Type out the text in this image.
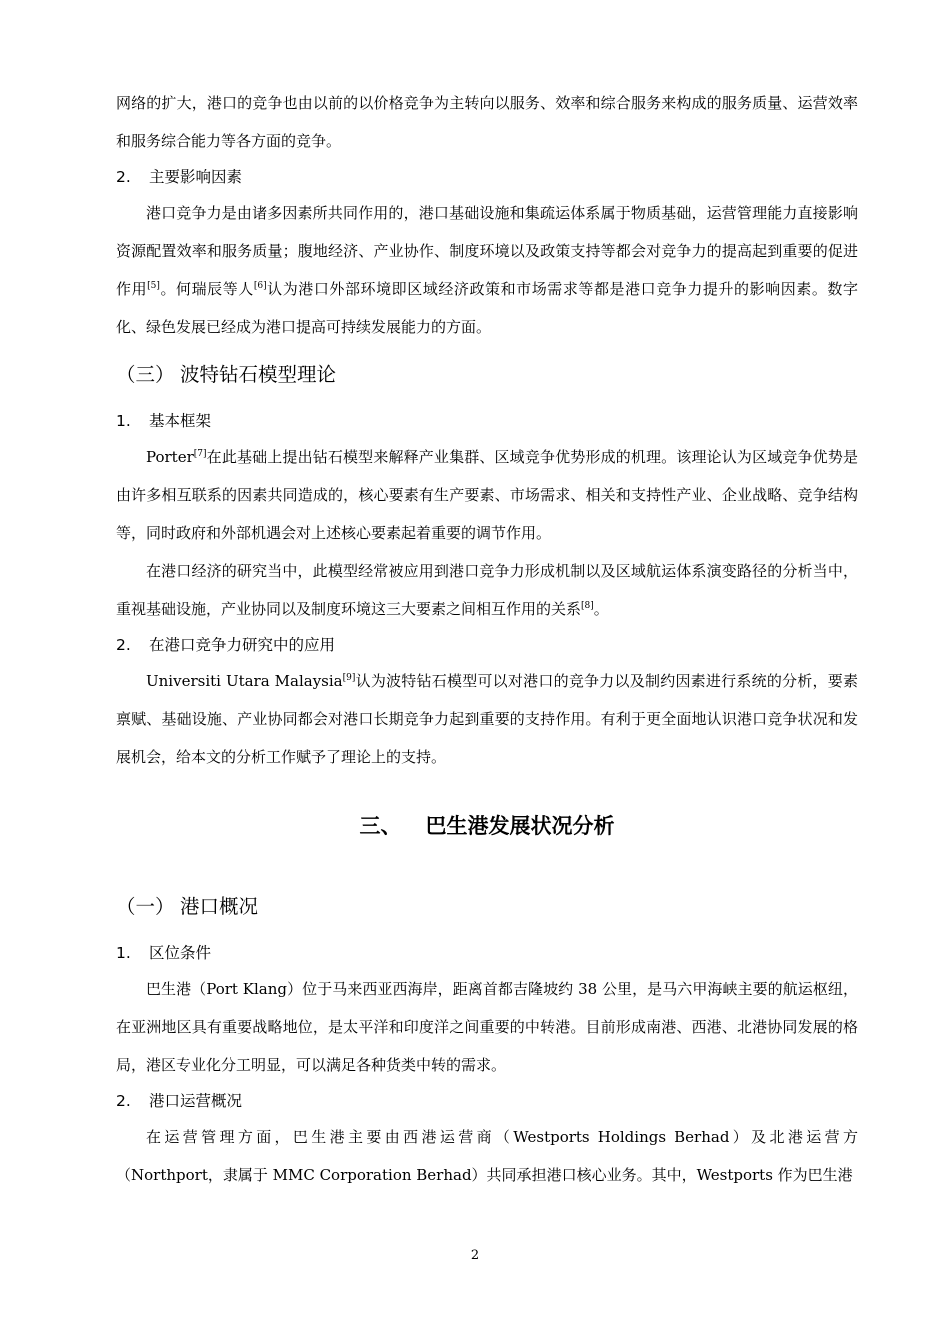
网络的扩大，港口的竞争也由以前的以价格竞争为主转向以服务、效率和综合服务来构成的服务质量、运营效率和服务综合能力等各方面的竞争。

2. 主要影响因素

港口竞争力是由诸多因素所共同作用的，港口基础设施和集疏运体系属于物质基础，运营管理能力直接影响资源配置效率和服务质量；腹地经济、产业协作、制度环境以及政策支持等都会对竞争力的提高起到重要的促进作用[5]。何瑞辰等人[6]认为港口外部环境即区域经济政策和市场需求等都是港口竞争力提升的影响因素。数字化、绿色发展已经成为港口提高可持续发展能力的方面。

（三） 波特钻石模型理论
1. 基本框架

Porter[7]在此基础上提出钻石模型来解释产业集群、区域竞争优势形成的机理。该理论认为区域竞争优势是由许多相互联系的因素共同造成的，核心要素有生产要素、市场需求、相关和支持性产业、企业战略、竞争结构等，同时政府和外部机遇会对上述核心要素起着重要的调节作用。

在港口经济的研究当中，此模型经常被应用到港口竞争力形成机制以及区域航运体系演变路径的分析当中，重视基础设施，产业协同以及制度环境这三大要素之间相互作用的关系[8]。

2. 在港口竞争力研究中的应用

Universiti Utara Malaysia[9]认为波特钻石模型可以对港口的竞争力以及制约因素进行系统的分析，要素禀赋、基础设施、产业协同都会对港口长期竞争力起到重要的支持作用。有利于更全面地认识港口竞争状况和发展机会，给本文的分析工作赋予了理论上的支持。

三、 巴生港发展状况分析
（一） 港口概况
1. 区位条件

巴生港（Port Klang）位于马来西亚西海岸，距离首都吉隆坡约 38 公里，是马六甲海峡主要的航运枢纽，在亚洲地区具有重要战略地位，是太平洋和印度洋之间重要的中转港。目前形成南港、西港、北港协同发展的格局，港区专业化分工明显，可以满足各种货类中转的需求。

2. 港口运营概况

在运营管理方面，巴生港主要由西港运营商（Westports Holdings Berhad）及北港运营方（Northport，隶属于 MMC Corporation Berhad）共同承担港口核心业务。其中，Westports 作为巴生港

2
